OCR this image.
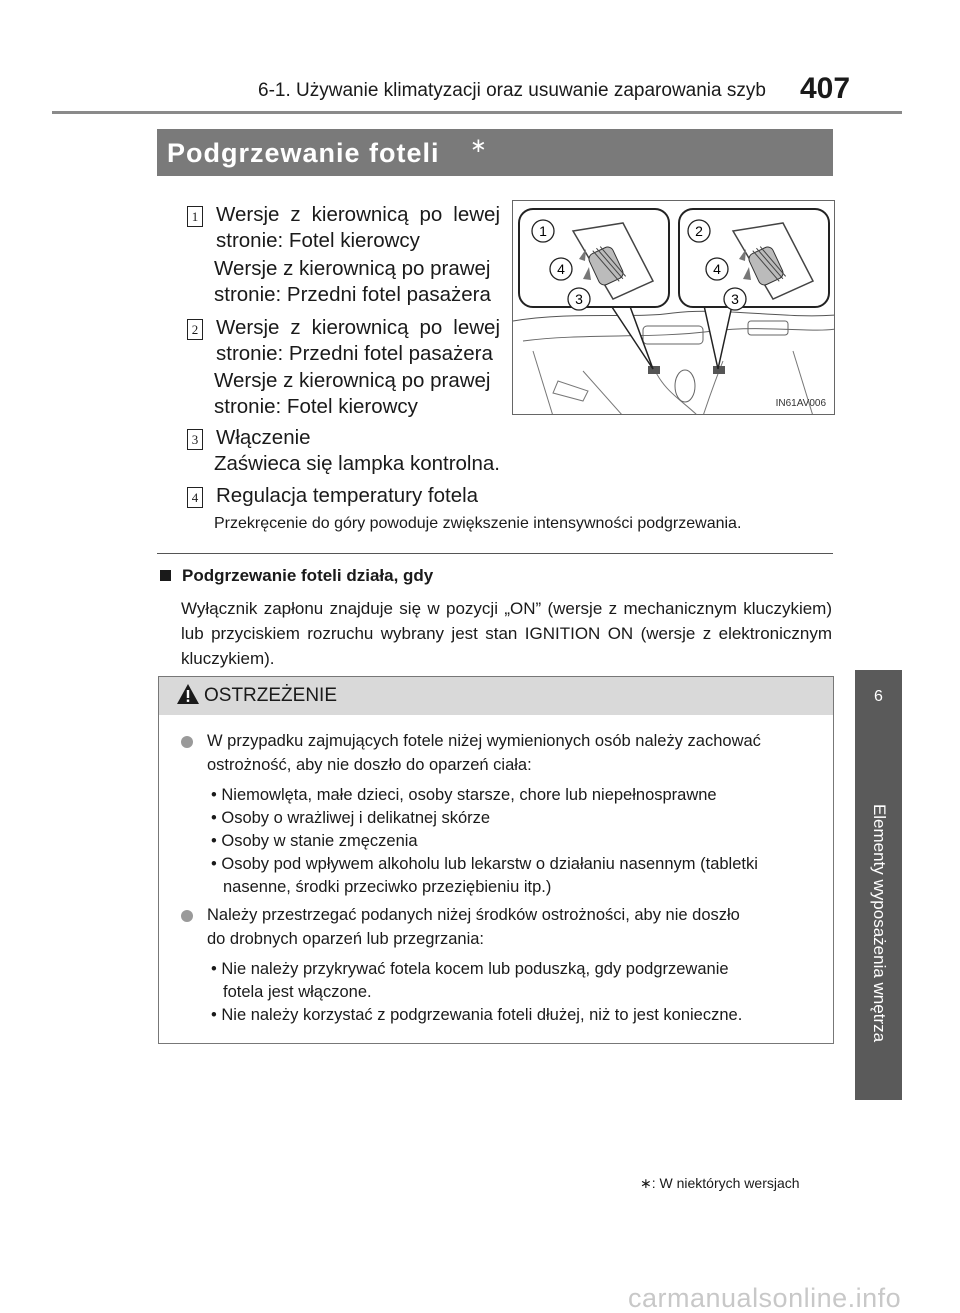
6-1. Używanie klimatyzacji oraz usuwanie zaparowania szyb 407
6
Elementy wyposażenia wnętrza
Podgrzewanie foteli ∗
1 Wersje z kierownicą po lewej
stronie: Fotel kierowcy
Wersje z kierownicą po prawej
stronie: Przedni fotel pasażera
2 Wersje z kierownicą po lewej
stronie: Przedni fotel pasażera
Wersje z kierownicą po prawej
stronie: Fotel kierowcy
3 Włączenie
Zaświeca się lampka kontrolna.
4 Regulacja temperatury fotela
1
4
3
2
4
3
IN61AV006
Przekręcenie do góry powoduje zwiększenie intensywności podgrzewania.
Podgrzewanie foteli działa, gdy
Wyłącznik zapłonu znajduje się w pozycji „ON” (wersje z mechanicznym kluczykiem) lub przyciskiem rozruchu wybrany jest stan IGNITION ON (wersje z elektronicznym kluczykiem).
OSTRZEŻENIE
W przypadku zajmujących fotele niżej wymienionych osób należy zachować
ostrożność, aby nie doszło do oparzeń ciała:
• Niemowlęta, małe dzieci, osoby starsze, chore lub niepełnosprawne
• Osoby o wrażliwej i delikatnej skórze
• Osoby w stanie zmęczenia
• Osoby pod wpływem alkoholu lub lekarstw o działaniu nasennym (tabletki
nasenne, środki przeciwko przeziębieniu itp.)
Należy przestrzegać podanych niżej środków ostrożności, aby nie doszło
do drobnych oparzeń lub przegrzania:
• Nie należy przykrywać fotela kocem lub poduszką, gdy podgrzewanie
fotela jest włączone.
• Nie należy korzystać z podgrzewania foteli dłużej, niż to jest konieczne.
∗: W niektórych wersjach
carmanualsonline.info
